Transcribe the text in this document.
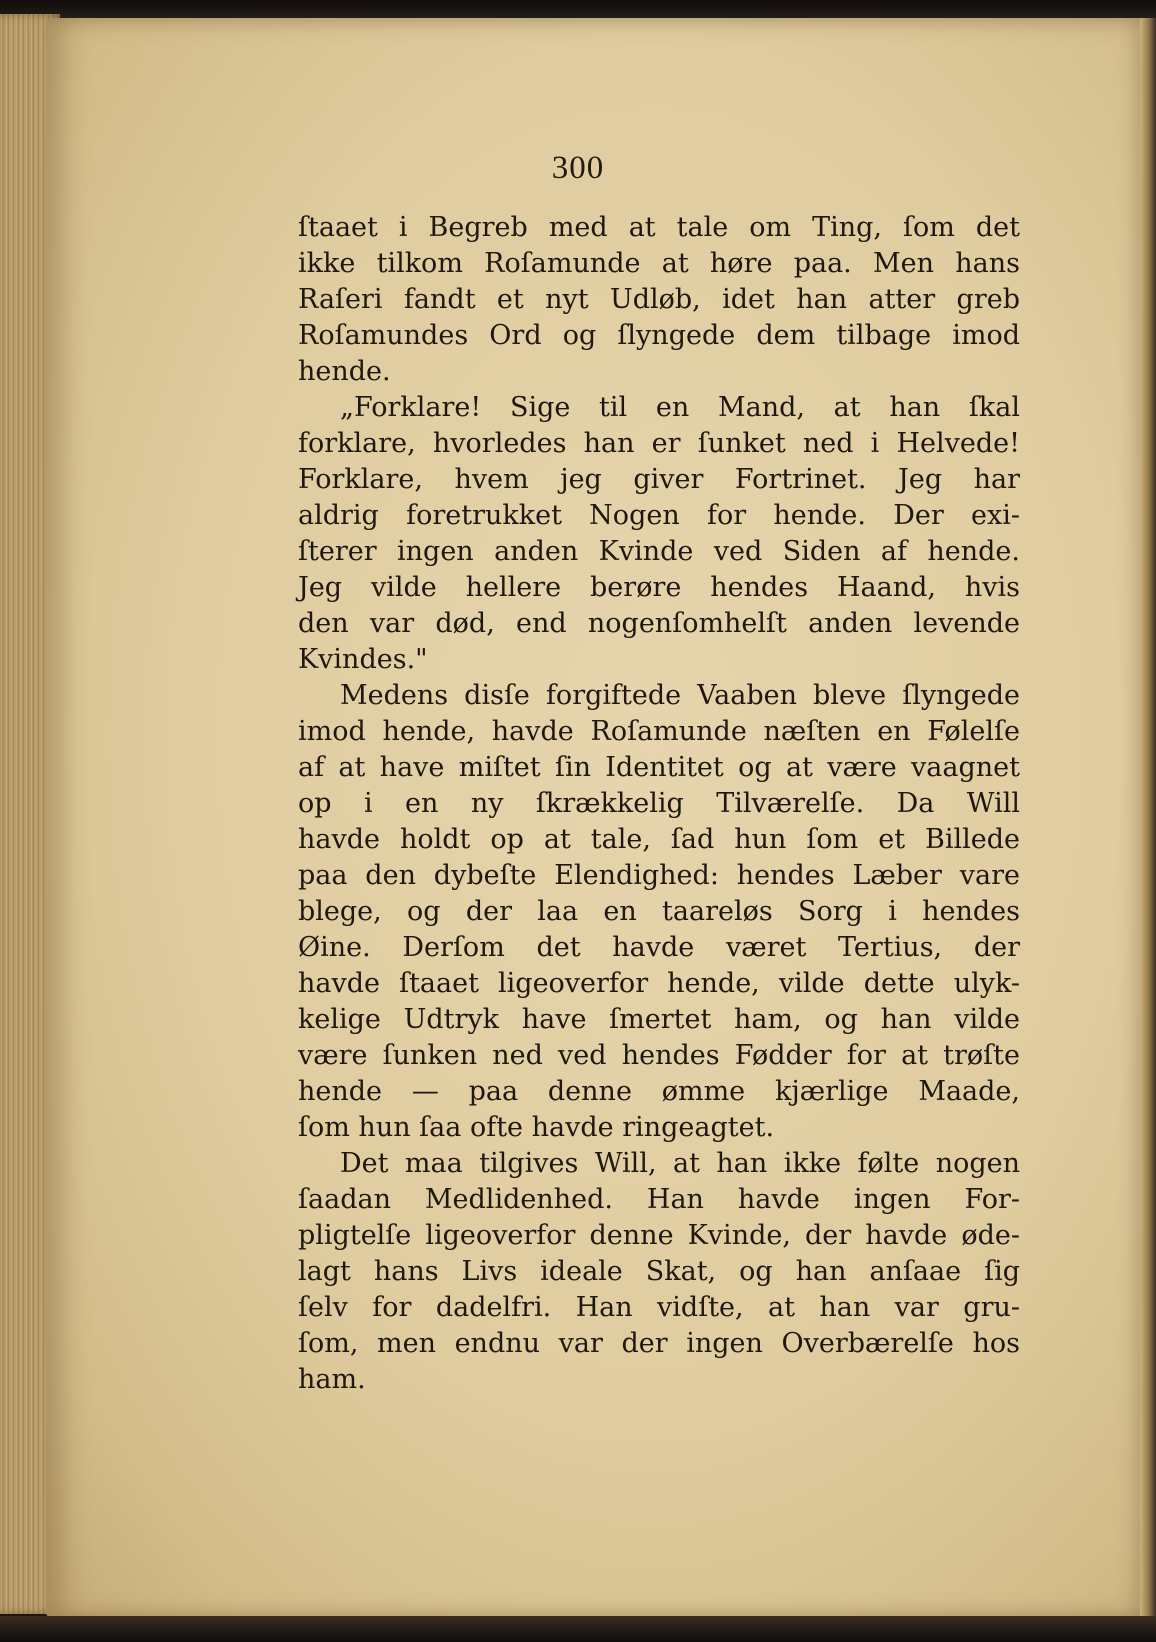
300
ſtaaet i Begreb med at tale om Ting, ſom det
ikke tilkom Roſamunde at høre paa. Men hans
Raſeri fandt et nyt Udløb, idet han atter greb
Roſamundes Ord og ſlyngede dem tilbage imod
hende.
„Forklare! Sige til en Mand, at han ſkal
forklare, hvorledes han er ſunket ned i Helvede!
Forklare, hvem jeg giver Fortrinet. Jeg har
aldrig foretrukket Nogen for hende. Der exi-
ſterer ingen anden Kvinde ved Siden af hende.
Jeg vilde hellere berøre hendes Haand, hvis
den var død, end nogenſomhelſt anden levende
Kvindes."
Medens disſe forgiftede Vaaben bleve ſlyngede
imod hende, havde Roſamunde næſten en Følelſe
af at have miſtet ſin Identitet og at være vaagnet
op i en ny ſkrækkelig Tilværelſe. Da Will
havde holdt op at tale, ſad hun ſom et Billede
paa den dybeſte Elendighed: hendes Læber vare
blege, og der laa en taareløs Sorg i hendes
Øine. Derſom det havde været Tertius, der
havde ſtaaet ligeoverfor hende, vilde dette ulyk-
kelige Udtryk have ſmertet ham, og han vilde
være ſunken ned ved hendes Fødder for at trøſte
hende — paa denne ømme kjærlige Maade,
ſom hun ſaa ofte havde ringeagtet.
Det maa tilgives Will, at han ikke følte nogen
ſaadan Medlidenhed. Han havde ingen For-
pligtelſe ligeoverfor denne Kvinde, der havde øde-
lagt hans Livs ideale Skat, og han anſaae ſig
ſelv for dadelfri. Han vidſte, at han var gru-
ſom, men endnu var der ingen Overbærelſe hos
ham.
